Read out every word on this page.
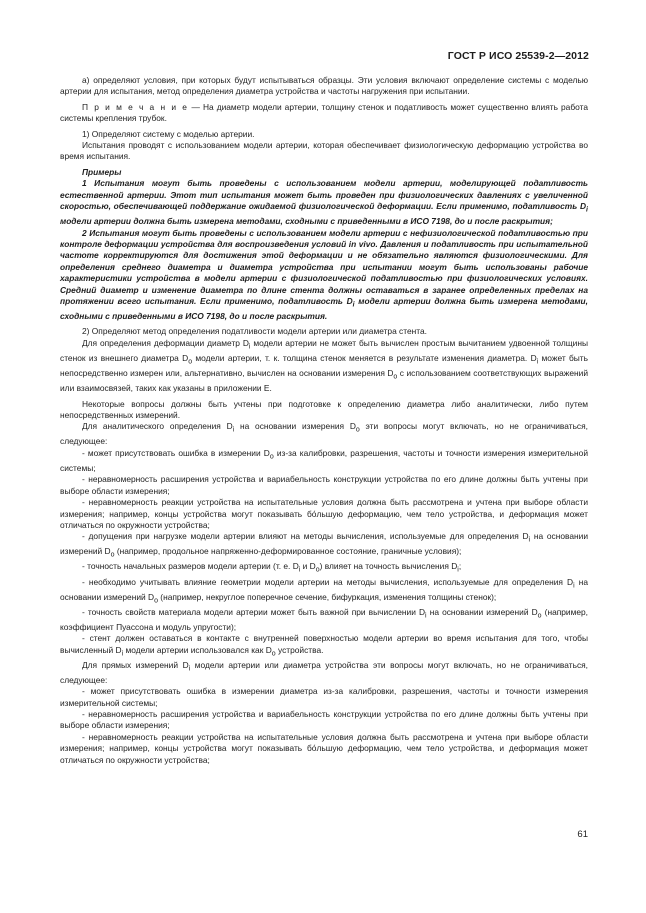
ГОСТ Р ИСО 25539-2—2012

а) определяют условия, при которых будут испытываться образцы. Эти условия включают определение системы с моделью артерии для испытания, метод определения диаметра устройства и частоты нагружения при испытании.

П р и м е ч а н и е — На диаметр модели артерии, толщину стенок и податливость может существенно влиять работа системы крепления трубок.

1) Определяют систему с моделью артерии.

Испытания проводят с использованием модели артерии, которая обеспечивает физиологическую деформацию устройства во время испытания.

Примеры

1 Испытания могут быть проведены с использованием модели артерии, моделирующей податливость естественной артерии. Этот тип испытания может быть проведен при физиологических давлениях с увеличенной скоростью, обеспечивающей поддержание ожидаемой физиологической деформации. Если применимо, податливость $D_i$ модели артерии должна быть измерена методами, сходными с приведенными в ИСО 7198, до и после раскрытия;

2 Испытания могут быть проведены с использованием модели артерии с нефизиологической податливостью при контроле деформации устройства для воспроизведения условий in vivo. Давления и податливость при испытательной частоте корректируются для достижения этой деформации и не обязательно являются физиологическими. Для определения среднего диаметра и диаметра устройства при испытании могут быть использованы рабочие характеристики устройства в модели артерии с физиологической податливостью при физиологических условиях. Средний диаметр и изменение диаметра по длине стента должны оставаться в заранее определенных пределах на протяжении всего испытания. Если применимо, податливость $D_i$ модели артерии должна быть измерена методами, сходными с приведенными в ИСО 7198, до и после раскрытия.

2) Определяют метод определения податливости модели артерии или диаметра стента.

Для определения деформации диаметр $D_i$ модели артерии не может быть вычислен простым вычитанием удвоенной толщины стенок из внешнего диаметра $D_o$ модели артерии, т. к. толщина стенок меняется в результате изменения диаметра. $D_i$ может быть непосредственно измерен или, альтернативно, вычислен на основании измерения $D_o$ с использованием соответствующих выражений или взаимосвязей, таких как указаны в приложении Е.

Некоторые вопросы должны быть учтены при подготовке к определению диаметра либо аналитически, либо путем непосредственных измерений.

Для аналитического определения $D_i$ на основании измерения $D_o$ эти вопросы могут включать, но не ограничиваться, следующее:

- может присутствовать ошибка в измерении $D_o$ из-за калибровки, разрешения, частоты и точности измерения измерительной системы;

- неравномерность расширения устройства и вариабельность конструкции устройства по его длине должны быть учтены при выборе области измерения;

- неравномерность реакции устройства на испытательные условия должна быть рассмотрена и учтена при выборе области измерения; например, концы устройства могут показывать бо́льшую деформацию, чем тело устройства, и деформация может отличаться по окружности устройства;

- допущения при нагрузке модели артерии влияют на методы вычисления, используемые для определения $D_i$ на основании измерений $D_o$ (например, продольное напряженно-деформированное состояние, граничные условия);

- точность начальных размеров модели артерии (т. е. $D_i$ и $D_o$) влияет на точность вычисления $D_i$;

- необходимо учитывать влияние геометрии модели артерии на методы вычисления, используемые для определения $D_i$ на основании измерений $D_o$ (например, некруглое поперечное сечение, бифуркация, изменения толщины стенок);

- точность свойств материала модели артерии может быть важной при вычислении $D_i$ на основании измерений $D_o$ (например, коэффициент Пуассона и модуль упругости);

- стент должен оставаться в контакте с внутренней поверхностью модели артерии во время испытания для того, чтобы вычисленный $D_i$ модели артерии использовался как $D_o$ устройства.

Для прямых измерений $D_i$ модели артерии или диаметра устройства эти вопросы могут включать, но не ограничиваться, следующее:

- может присутствовать ошибка в измерении диаметра из-за калибровки, разрешения, частоты и точности измерения измерительной системы;

- неравномерность расширения устройства и вариабельность конструкции устройства по его длине должны быть учтены при выборе области измерения;

- неравномерность реакции устройства на испытательные условия должна быть рассмотрена и учтена при выборе области измерения; например, концы устройства могут показывать бо́льшую деформацию, чем тело устройства, и деформация может отличаться по окружности устройства;

61
